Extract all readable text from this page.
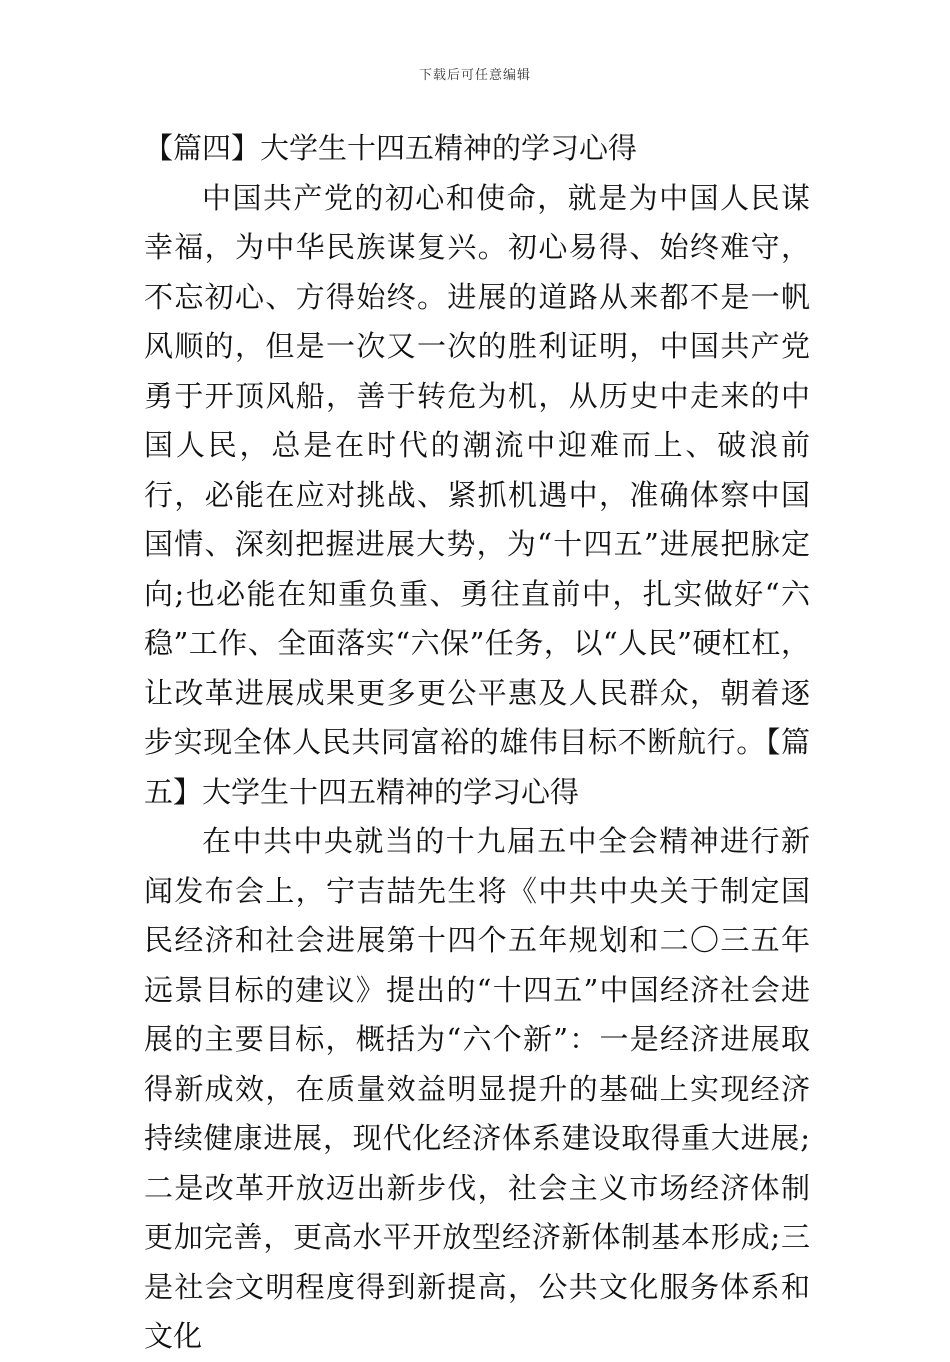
下载后可任意编辑

【篇四】大学生十四五精神的学习心得

中国共产党的初心和使命，就是为中国人民谋幸福，为中华民族谋复兴。初心易得、始终难守，不忘初心、方得始终。进展的道路从来都不是一帆风顺的，但是一次又一次的胜利证明，中国共产党勇于开顶风船，善于转危为机，从历史中走来的中国人民，总是在时代的潮流中迎难而上、破浪前行，必能在应对挑战、紧抓机遇中，准确体察中国国情、深刻把握进展大势，为“十四五”进展把脉定向;也必能在知重负重、勇往直前中，扎实做好“六稳”工作、全面落实“六保”任务，以“人民”硬杠杠，让改革进展成果更多更公平惠及人民群众，朝着逐步实现全体人民共同富裕的雄伟目标不断航行。【篇五】大学生十四五精神的学习心得

在中共中央就当的十九届五中全会精神进行新闻发布会上，宁吉喆先生将《中共中央关于制定国民经济和社会进展第十四个五年规划和二〇三五年远景目标的建议》提出的“十四五”中国经济社会进展的主要目标，概括为“六个新”：一是经济进展取得新成效，在质量效益明显提升的基础上实现经济持续健康进展，现代化经济体系建设取得重大进展;二是改革开放迈出新步伐，社会主义市场经济体制更加完善，更高水平开放型经济新体制基本形成;三是社会文明程度得到新提高，公共文化服务体系和文化
